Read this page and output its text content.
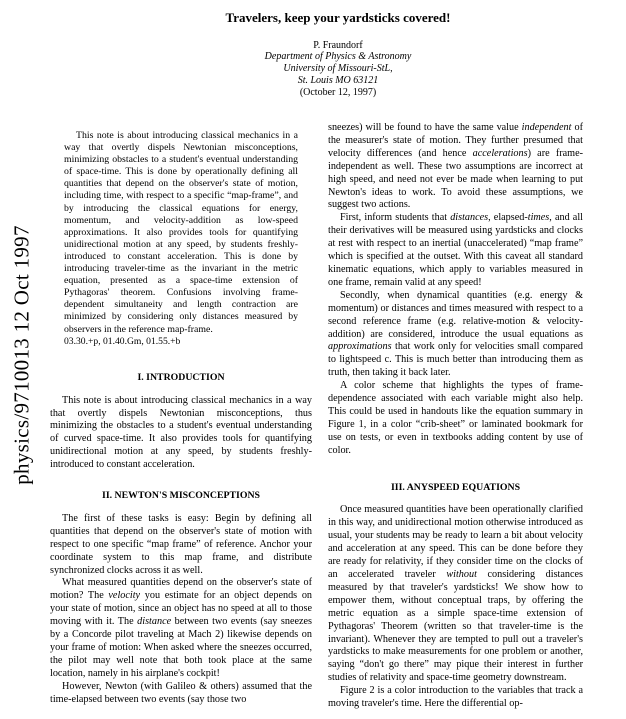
physics/9710013 12 Oct 1997
Travelers, keep your yardsticks covered!
P. Fraundorf
Department of Physics & Astronomy
University of Missouri-StL,
St. Louis MO 63121
(October 12, 1997)

This note is about introducing classical mechanics in a way that overtly dispels Newtonian misconceptions, minimizing obstacles to a student's eventual understanding of space-time. This is done by operationally defining all quantities that depend on the observer's state of motion, including time, with respect to a specific “map-frame”, and by introducing the classical equations for energy, momentum, and velocity-addition as low-speed approximations. It also provides tools for quantifying unidirectional motion at any speed, by students freshly-introduced to constant acceleration. This is done by introducing traveler-time as the invariant in the metric equation, presented as a space-time extension of Pythagoras' theorem. Confusions involving frame-dependent simultaneity and length contraction are minimized by considering only distances measured by observers in the reference map-frame.

03.30.+p, 01.40.Gm, 01.55.+b

I. INTRODUCTION

This note is about introducing classical mechanics in a way that overtly dispels Newtonian misconceptions, thus minimizing the obstacles to a student's eventual understanding of curved space-time. It also provides tools for quantifying unidirectional motion at any speed, by students freshly-introduced to constant acceleration.

II. NEWTON'S MISCONCEPTIONS

The first of these tasks is easy: Begin by defining all quantities that depend on the observer's state of motion with respect to one specific “map frame” of reference. Anchor your coordinate system to this map frame, and distribute synchronized clocks across it as well.

What measured quantities depend on the observer's state of motion? The velocity you estimate for an object depends on your state of motion, since an object has no speed at all to those moving with it. The distance between two events (say sneezes by a Concorde pilot traveling at Mach 2) likewise depends on your frame of motion: When asked where the sneezes occurred, the pilot may well note that both took place at the same location, namely in his airplane's cockpit!

However, Newton (with Galileo & others) assumed that the time-elapsed between two events (say those two

sneezes) will be found to have the same value independent of the measurer's state of motion. They further presumed that velocity differences (and hence accelerations) are frame-independent as well. These two assumptions are incorrect at high speed, and need not ever be made when learning to put Newton's ideas to work. To avoid these assumptions, we suggest two actions.

First, inform students that distances, elapsed-times, and all their derivatives will be measured using yardsticks and clocks at rest with respect to an inertial (unaccelerated) “map frame” which is specified at the outset. With this caveat all standard kinematic equations, which apply to variables measured in one frame, remain valid at any speed!

Secondly, when dynamical quantities (e.g. energy & momentum) or distances and times measured with respect to a second reference frame (e.g. relative-motion & velocity-addition) are considered, introduce the usual equations as approximations that work only for velocities small compared to lightspeed c. This is much better than introducing them as truth, then taking it back later.

A color scheme that highlights the types of frame-dependence associated with each variable might also help. This could be used in handouts like the equation summary in Figure 1, in a color “crib-sheet” or laminated bookmark for use on tests, or even in textbooks adding content by use of color.

III. ANYSPEED EQUATIONS

Once measured quantities have been operationally clarified in this way, and unidirectional motion otherwise introduced as usual, your students may be ready to learn a bit about velocity and acceleration at any speed. This can be done before they are ready for relativity, if they consider time on the clocks of an accelerated traveler without considering distances measured by that traveler's yardsticks! We show how to empower them, without conceptual traps, by offering the metric equation as a simple space-time extension of Pythagoras' Theorem (written so that traveler-time is the invariant). Whenever they are tempted to pull out a traveler's yardsticks to make measurements for one problem or another, saying “don't go there” may pique their interest in further studies of relativity and space-time geometry downstream.

Figure 2 is a color introduction to the variables that track a moving traveler's time. Here the differential op-
